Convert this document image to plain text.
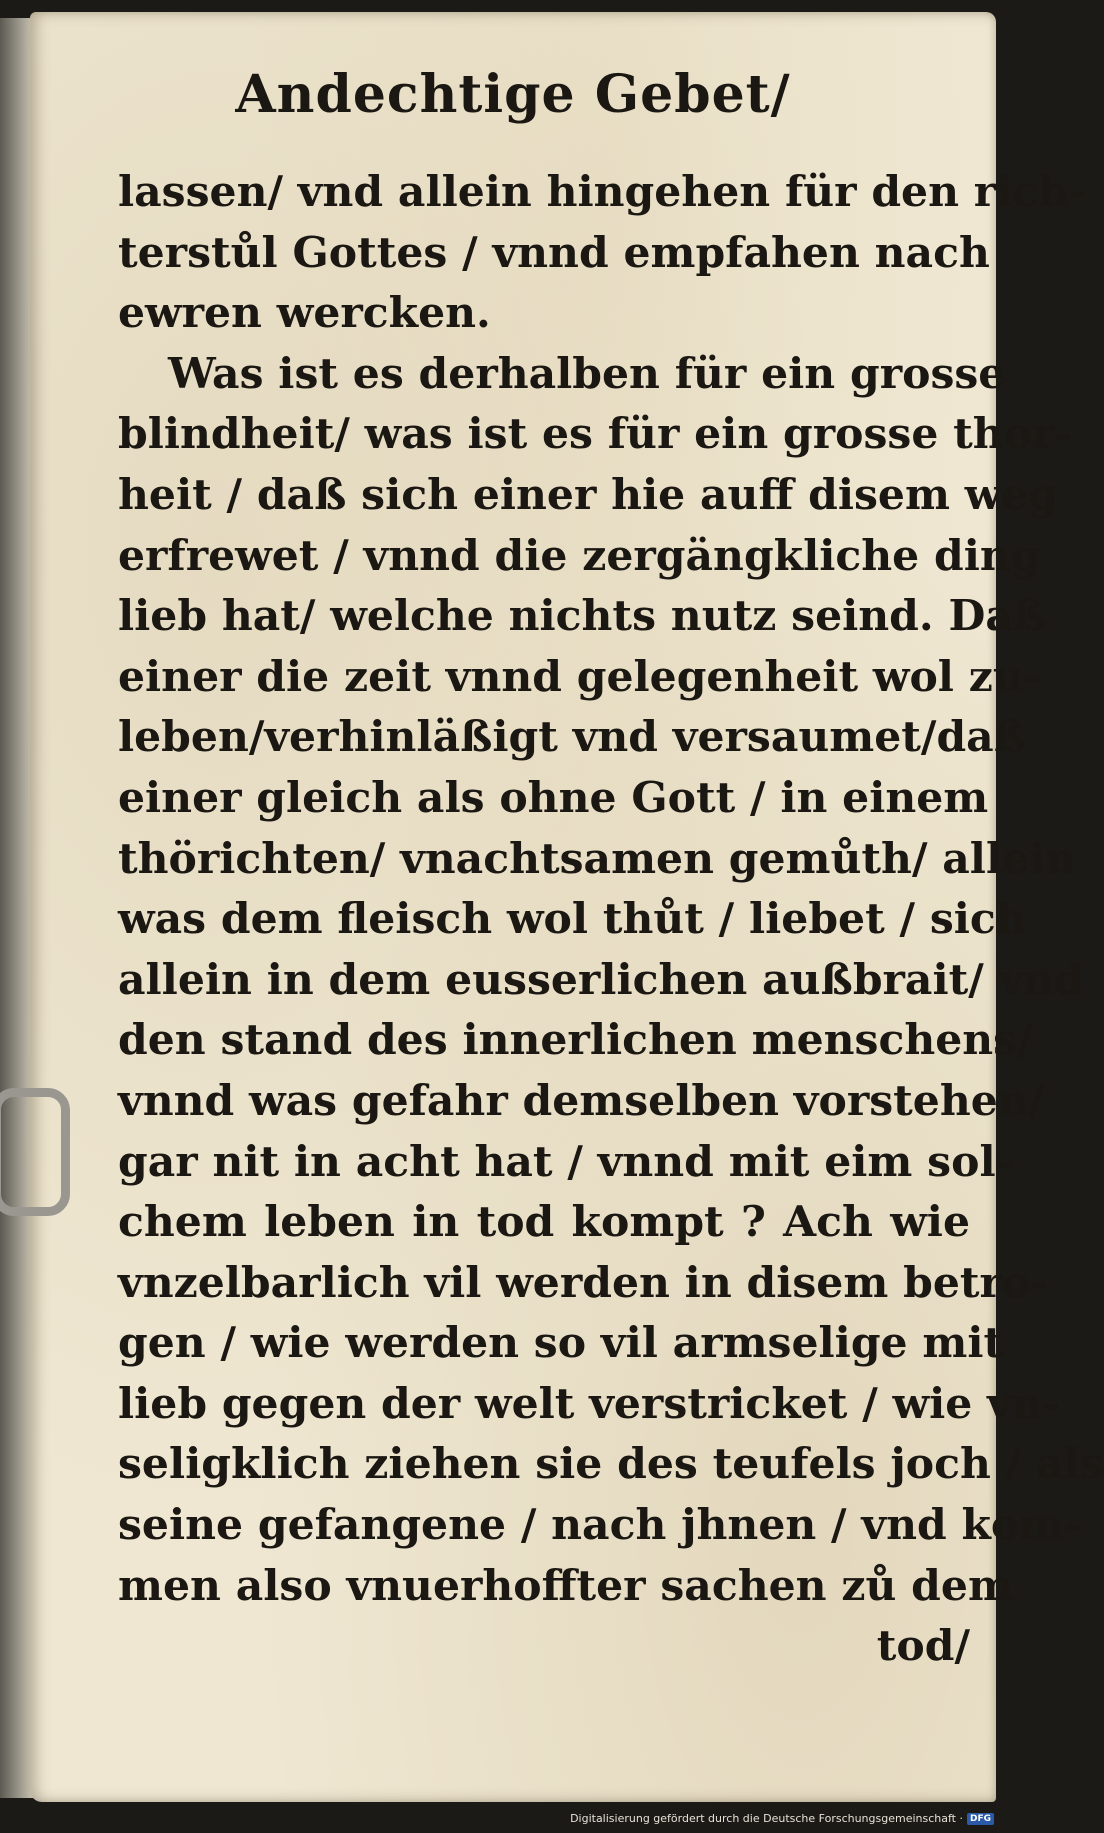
Andechtige Gebet/
lassen/ vnd allein hingehen für den rich-
terstůl Gottes / vnnd empfahen nach
ewren wercken.
Was ist es derhalben für ein grosse
blindheit/ was ist es für ein grosse thor-
heit / daß sich einer hie auff disem weg
erfrewet / vnnd die zergängkliche ding
lieb hat/ welche nichts nutz seind. Daß
einer die zeit vnnd gelegenheit wol zu-
leben/verhinläßigt vnd versaumet/daß
einer gleich als ohne Gott / in einem
thörichten/ vnachtsamen gemůth/ allein
was dem fleisch wol thůt / liebet / sich
allein in dem eusserlichen außbrait/ vnd
den stand des innerlichen menschens/
vnnd was gefahr demselben vorstehen/
gar nit in acht hat / vnnd mit eim sol-
chem leben in tod kompt ? Ach wie
vnzelbarlich vil werden in disem betro-
gen / wie werden so vil armselige mit
lieb gegen der welt verstricket / wie vn-
seligklich ziehen sie des teufels joch / als
seine gefangene / nach jhnen / vnd kom-
men also vnuerhoffter sachen zů dem
tod/
Digitalisierung gefördert durch die Deutsche Forschungsgemeinschaft · DFG
